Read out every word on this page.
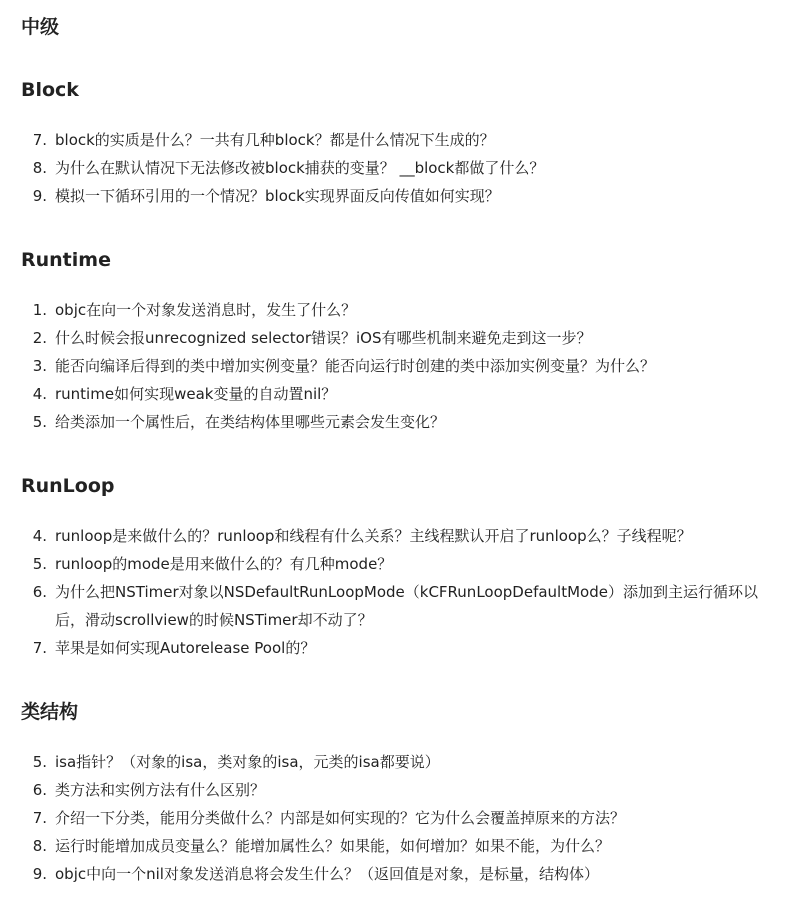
中级
Block
7. block的实质是什么？一共有几种block？都是什么情况下生成的？
8. 为什么在默认情况下无法修改被block捕获的变量？ __block都做了什么？
9. 模拟一下循环引用的一个情况？block实现界面反向传值如何实现？
Runtime
1. objc在向一个对象发送消息时，发生了什么？
2. 什么时候会报unrecognized selector错误？iOS有哪些机制来避免走到这一步？
3. 能否向编译后得到的类中增加实例变量？能否向运行时创建的类中添加实例变量？为什么？
4. runtime如何实现weak变量的自动置nil？
5. 给类添加一个属性后，在类结构体里哪些元素会发生变化？
RunLoop
4. runloop是来做什么的？runloop和线程有什么关系？主线程默认开启了runloop么？子线程呢？
5. runloop的mode是用来做什么的？有几种mode？
6. 为什么把NSTimer对象以NSDefaultRunLoopMode（kCFRunLoopDefaultMode）添加到主运行循环以后，滑动scrollview的时候NSTimer却不动了？
7. 苹果是如何实现Autorelease Pool的？
类结构
5. isa指针？（对象的isa，类对象的isa，元类的isa都要说）
6. 类方法和实例方法有什么区别？
7. 介绍一下分类，能用分类做什么？内部是如何实现的？它为什么会覆盖掉原来的方法？
8. 运行时能增加成员变量么？能增加属性么？如果能，如何增加？如果不能，为什么？
9. objc中向一个nil对象发送消息将会发生什么？（返回值是对象，是标量，结构体）
